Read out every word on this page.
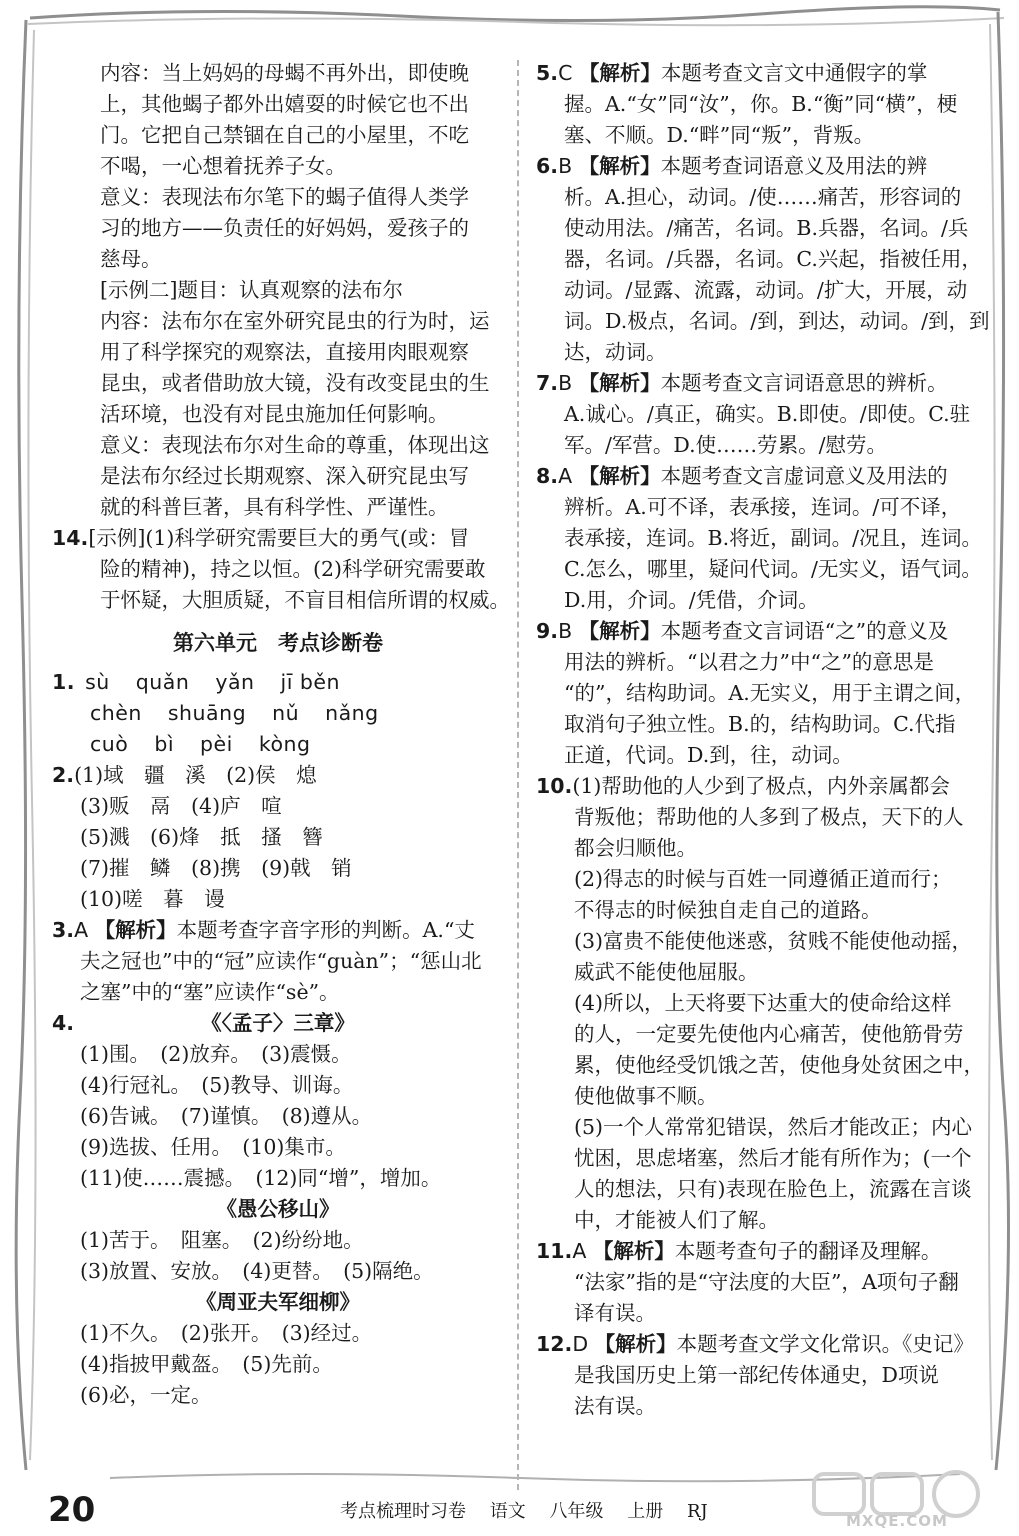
内容：当上妈妈的母蝎不再外出，即使晚
上，其他蝎子都外出嬉耍的时候它也不出
门。它把自己禁锢在自己的小屋里，不吃
不喝，一心想着抚养子女。
意义：表现法布尔笔下的蝎子值得人类学
习的地方——负责任的好妈妈，爱孩子的
慈母。
[示例二]题目：认真观察的法布尔
内容：法布尔在室外研究昆虫的行为时，运
用了科学探究的观察法，直接用肉眼观察
昆虫，或者借助放大镜，没有改变昆虫的生
活环境，也没有对昆虫施加任何影响。
意义：表现法布尔对生命的尊重，体现出这
是法布尔经过长期观察、深入研究昆虫写
就的科普巨著，具有科学性、严谨性。
14.[示例](1)科学研究需要巨大的勇气(或：冒
险的精神)，持之以恒。(2)科学研究需要敢
于怀疑，大胆质疑，不盲目相信所谓的权威。
第六单元　考点诊断卷
1. sù quǎn yǎn jī běn
chèn shuāng nǔ nǎng
cuò bì pèi kòng
2.(1)域　疆　溪　(2)侯　熄
(3)贩　鬲　(4)庐　喧
(5)溅　(6)烽　抵　搔　簪
(7)摧　鳞　(8)携　(9)戟　销
(10)嗟　暮　谩
3.A 【解析】本题考查字音字形的判断。A.“丈
夫之冠也”中的“冠”应读作“guàn”；“惩山北
之塞”中的“塞”应读作“sè”。
4.	《〈孟子〉三章》
(1)围。　(2)放弃。　(3)震慑。
(4)行冠礼。　(5)教导、训诲。
(6)告诫。　(7)谨慎。　(8)遵从。
(9)选拔、任用。　(10)集市。
(11)使……震撼。　(12)同“增”，增加。
《愚公移山》
(1)苦于。　阻塞。　(2)纷纷地。
(3)放置、安放。　(4)更替。　(5)隔绝。
《周亚夫军细柳》
(1)不久。　(2)张开。　(3)经过。
(4)指披甲戴盔。　(5)先前。
(6)必，一定。
5.C 【解析】本题考查文言文中通假字的掌
握。A.“女”同“汝”，你。B.“衡”同“横”，梗
塞、不顺。D.“畔”同“叛”，背叛。
6.B 【解析】本题考查词语意义及用法的辨
析。A.担心，动词。/使……痛苦，形容词的
使动用法。/痛苦，名词。B.兵器，名词。/兵
器，名词。/兵器，名词。C.兴起，指被任用，
动词。/显露、流露，动词。/扩大，开展，动
词。D.极点，名词。/到，到达，动词。/到，到
达，动词。
7.B 【解析】本题考查文言词语意思的辨析。
A.诚心。/真正，确实。B.即使。/即使。C.驻
军。/军营。D.使……劳累。/慰劳。
8.A 【解析】本题考查文言虚词意义及用法的
辨析。A.可不译，表承接，连词。/可不译，
表承接，连词。B.将近，副词。/况且，连词。
C.怎么，哪里，疑问代词。/无实义，语气词。
D.用，介词。/凭借，介词。
9.B 【解析】本题考查文言词语“之”的意义及
用法的辨析。“以君之力”中“之”的意思是
“的”，结构助词。A.无实义，用于主谓之间，
取消句子独立性。B.的，结构助词。C.代指
正道，代词。D.到，往，动词。
10.(1)帮助他的人少到了极点，内外亲属都会
背叛他；帮助他的人多到了极点，天下的人
都会归顺他。
(2)得志的时候与百姓一同遵循正道而行；
不得志的时候独自走自己的道路。
(3)富贵不能使他迷惑，贫贱不能使他动摇，
威武不能使他屈服。
(4)所以，上天将要下达重大的使命给这样
的人，一定要先使他内心痛苦，使他筋骨劳
累，使他经受饥饿之苦，使他身处贫困之中，
使他做事不顺。
(5)一个人常常犯错误，然后才能改正；内心
忧困，思虑堵塞，然后才能有所作为；(一个
人的想法，只有)表现在脸色上，流露在言谈
中，才能被人们了解。
11.A 【解析】本题考查句子的翻译及理解。
“法家”指的是“守法度的大臣”，A项句子翻
译有误。
12.D 【解析】本题考查文学文化常识。《史记》
是我国历史上第一部纪传体通史，D项说
法有误。
20	考点梳理时习卷 语文 八年级 上册 RJ	MXQE.COM
